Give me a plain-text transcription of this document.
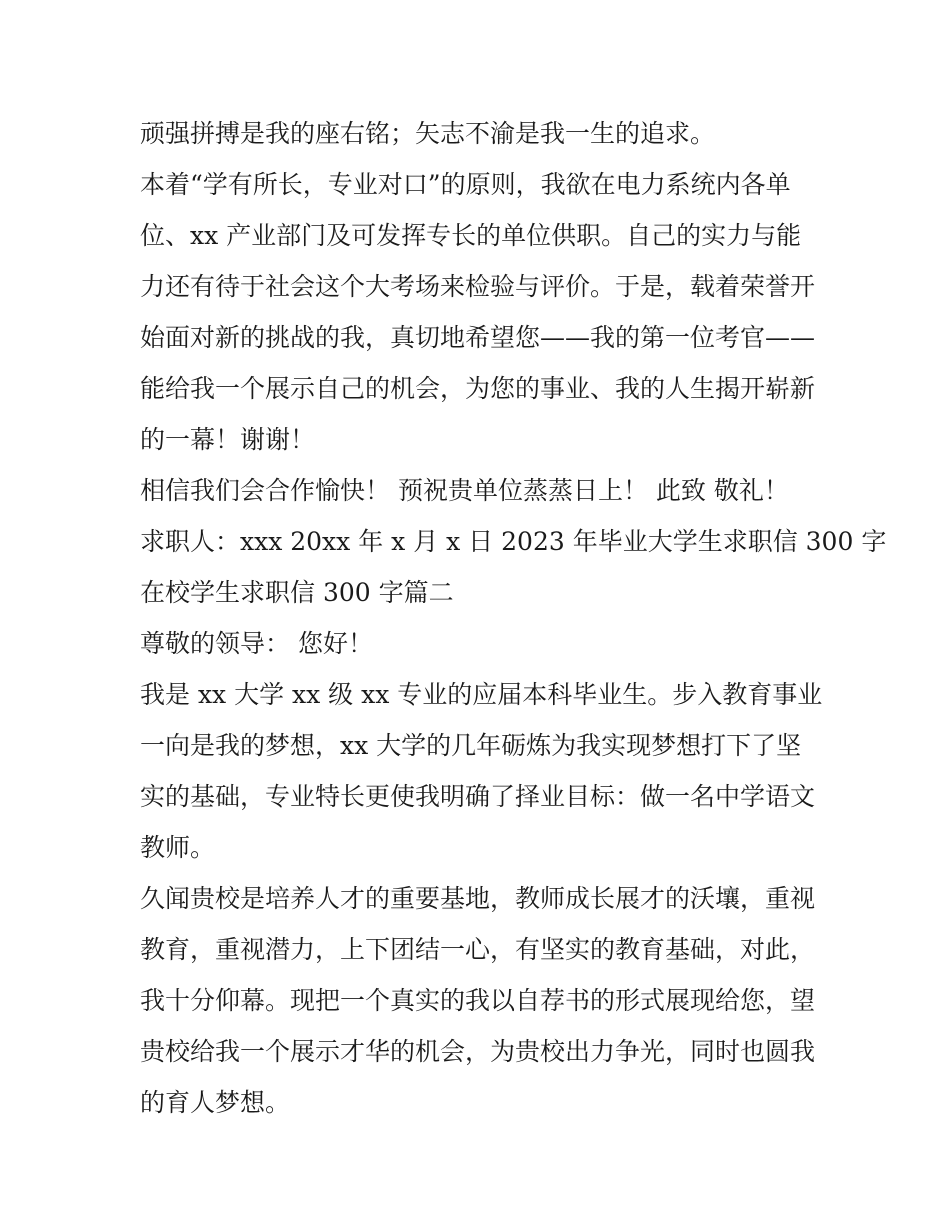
顽强拼搏是我的座右铭；矢志不渝是我一生的追求。
本着“学有所长，专业对口”的原则，我欲在电力系统内各单
位、xx 产业部门及可发挥专长的单位供职。自己的实力与能
力还有待于社会这个大考场来检验与评价。于是，载着荣誉开
始面对新的挑战的我，真切地希望您——我的第一位考官——
能给我一个展示自己的机会，为您的事业、我的人生揭开崭新
的一幕！谢谢！
相信我们会合作愉快！ 预祝贵单位蒸蒸日上！ 此致 敬礼！
求职人：xxx 20xx 年 x 月 x 日 2023 年毕业大学生求职信 300 字
在校学生求职信 300 字篇二
尊敬的领导： 您好！
我是 xx 大学 xx 级 xx 专业的应届本科毕业生。步入教育事业
一向是我的梦想，xx 大学的几年砺炼为我实现梦想打下了坚
实的基础，专业特长更使我明确了择业目标：做一名中学语文
教师。
久闻贵校是培养人才的重要基地，教师成长展才的沃壤，重视
教育，重视潜力，上下团结一心，有坚实的教育基础，对此，
我十分仰幕。现把一个真实的我以自荐书的形式展现给您，望
贵校给我一个展示才华的机会，为贵校出力争光，同时也圆我
的育人梦想。
